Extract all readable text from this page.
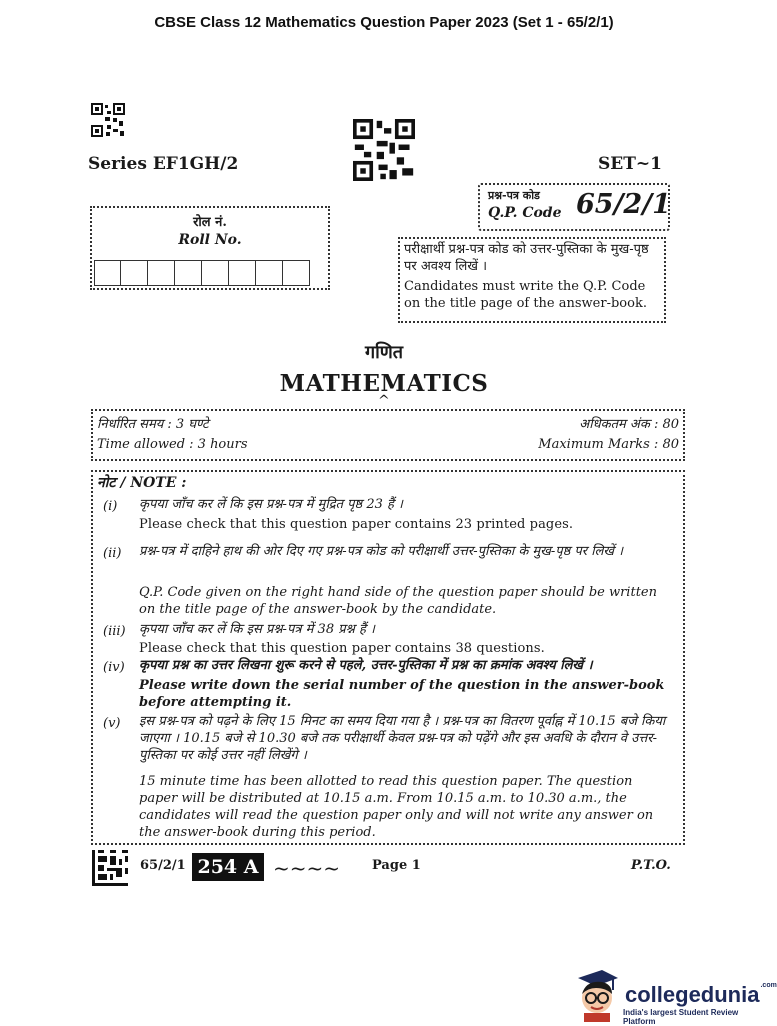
CBSE Class 12 Mathematics Question Paper 2023 (Set 1 - 65/2/1)
Series EF1GH/2	SET~1
प्रश्न-पत्र कोड
Q.P. Code 65/2/1
रोल नं.
Roll No.
परीक्षार्थी प्रश्न-पत्र कोड को उत्तर-पुस्तिका के मुख-पृष्ठ पर अवश्य लिखें ।
Candidates must write the Q.P. Code on the title page of the answer-book.
गणित
MATHEMATICS
^
निर्धारित समय : 3 घण्टे	अधिकतम अंक : 80
Time allowed : 3 hours	Maximum Marks : 80
नोट / NOTE :
(i) कृपया जाँच कर लें कि इस प्रश्न-पत्र में मुद्रित पृष्ठ 23 हैं ।
Please check that this question paper contains 23 printed pages.
(ii) प्रश्न-पत्र में दाहिने हाथ की ओर दिए गए प्रश्न-पत्र कोड को परीक्षार्थी उत्तर-पुस्तिका के मुख-पृष्ठ पर लिखें ।
Q.P. Code given on the right hand side of the question paper should be written on the title page of the answer-book by the candidate.
(iii) कृपया जाँच कर लें कि इस प्रश्न-पत्र में 38 प्रश्न हैं ।
Please check that this question paper contains 38 questions.
(iv) कृपया प्रश्न का उत्तर लिखना शुरू करने से पहले, उत्तर-पुस्तिका में प्रश्न का क्रमांक अवश्य लिखें ।
Please write down the serial number of the question in the answer-book before attempting it.
(v) इस प्रश्न-पत्र को पढ़ने के लिए 15 मिनट का समय दिया गया है । प्रश्न-पत्र का वितरण पूर्वाह्न में 10.15 बजे किया जाएगा । 10.15 बजे से 10.30 बजे तक परीक्षार्थी केवल प्रश्न-पत्र को पढ़ेंगे और इस अवधि के दौरान वे उत्तर-पुस्तिका पर कोई उत्तर नहीं लिखेंगे ।
15 minute time has been allotted to read this question paper. The question paper will be distributed at 10.15 a.m. From 10.15 a.m. to 10.30 a.m., the candidates will read the question paper only and will not write any answer on the answer-book during this period.
65/2/1 254 A ~~~~ Page 1	P.T.O.
collegedunia$^{.com}$
India's largest Student Review Platform
